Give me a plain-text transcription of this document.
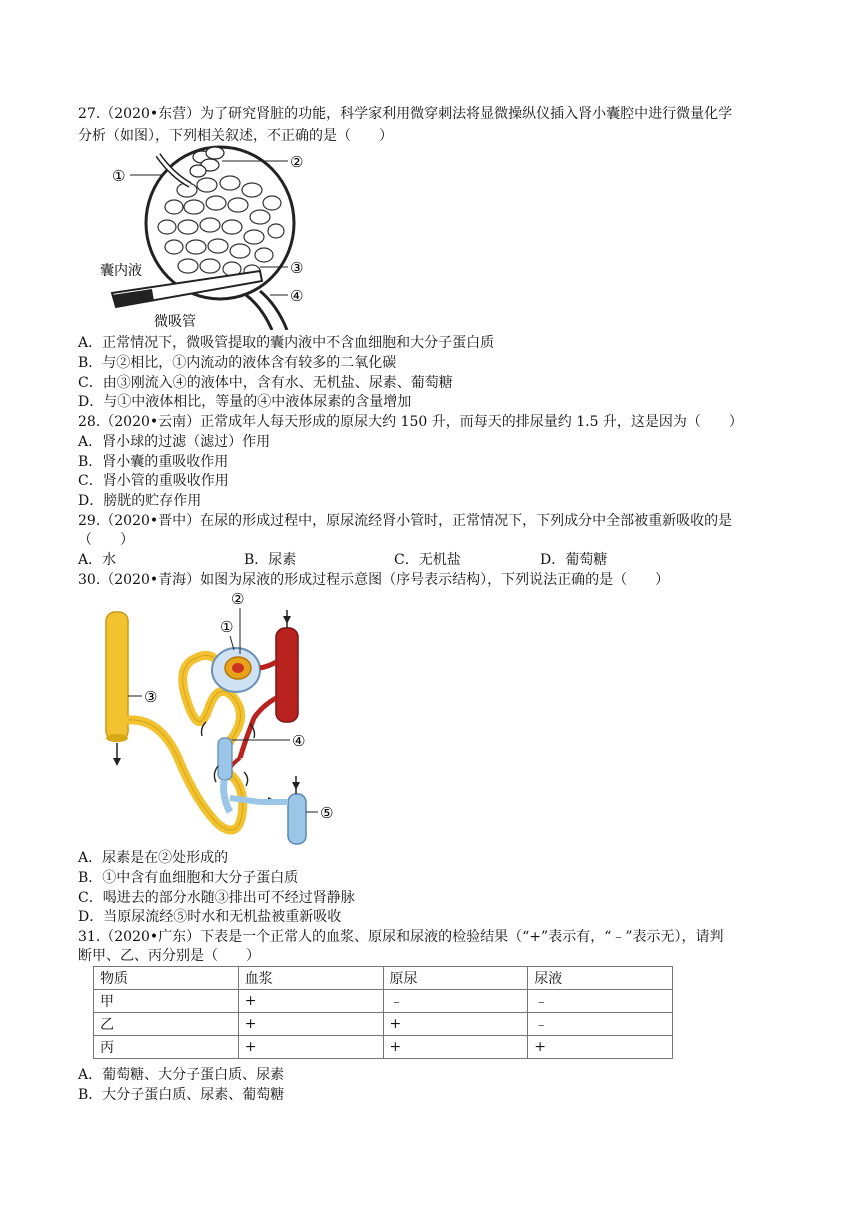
27.（2020•东营）为了研究肾脏的功能，科学家利用微穿刺法将显微操纵仪插入肾小囊腔中进行微量化学
分析（如图），下列相关叙述，不正确的是（　　）
①
②
③
④
囊内液
微吸管
A．正常情况下，微吸管提取的囊内液中不含血细胞和大分子蛋白质
B．与②相比，①内流动的液体含有较多的二氧化碳
C．由③刚流入④的液体中，含有水、无机盐、尿素、葡萄糖
D．与①中液体相比，等量的④中液体尿素的含量增加
28.（2020•云南）正常成年人每天形成的原尿大约 150 升，而每天的排尿量约 1.5 升，这是因为（　　）
A．肾小球的过滤（滤过）作用
B．肾小囊的重吸收作用
C．肾小管的重吸收作用
D．膀胱的贮存作用
29.（2020•晋中）在尿的形成过程中，原尿流经肾小管时，正常情况下，下列成分中全部被重新吸收的是
（　　）
A．水	B．尿素	C．无机盐	D．葡萄糖
30.（2020•青海）如图为尿液的形成过程示意图（序号表示结构），下列说法正确的是（　　）
②
①
③
④
⑤
A．尿素是在②处形成的
B．①中含有血细胞和大分子蛋白质
C．喝进去的部分水随③排出可不经过肾静脉
D．当原尿流经⑤时水和无机盐被重新吸收
31.（2020•广东）下表是一个正常人的血浆、原尿和尿液的检验结果（“+”表示有，“﹣”表示无），请判
断甲、乙、丙分别是（　　）
物质	血浆	原尿	尿液
甲	+	﹣	﹣
乙	+	+	﹣
丙	+	+	+
A．葡萄糖、大分子蛋白质、尿素
B．大分子蛋白质、尿素、葡萄糖
